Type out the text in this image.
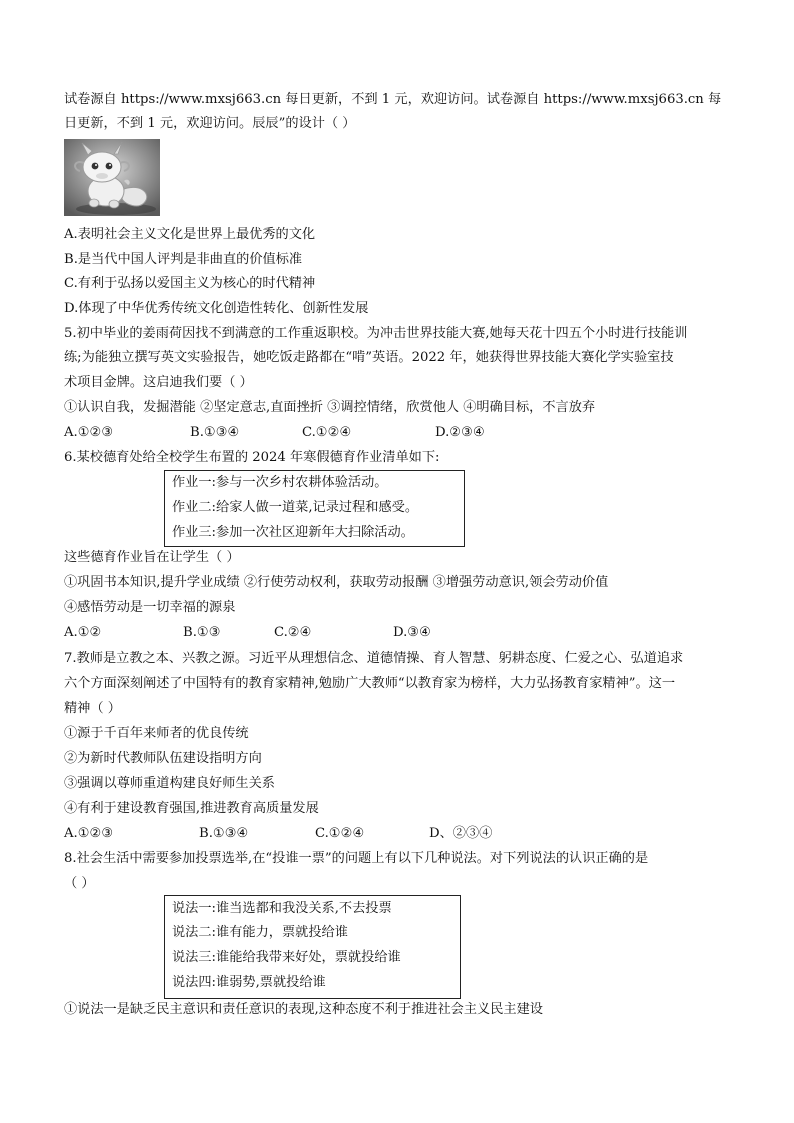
试卷源自 https://www.mxsj663.cn 每日更新，不到 1 元，欢迎访问。试卷源自 https://www.mxsj663.cn 每
日更新，不到 1 元，欢迎访问。辰辰”的设计（ ）
A.表明社会主义文化是世界上最优秀的文化
B.是当代中国人评判是非曲直的价值标准
C.有利于弘扬以爱国主义为核心的时代精神
D.体现了中华优秀传统文化创造性转化、创新性发展
5.初中毕业的姜雨荷因找不到满意的工作重返职校。为冲击世界技能大赛,她每天花十四五个小时进行技能训
练;为能独立撰写英文实验报告，她吃饭走路都在“啃”英语。2022 年，她获得世界技能大赛化学实验室技
术项目金牌。这启迪我们要（ ）
①认识自我，发掘潜能 ②坚定意志,直面挫折 ③调控情绪，欣赏他人 ④明确目标，不言放弃
A.①②③	B.①③④	C.①②④	D.②③④
6.某校德育处给全校学生布置的 2024 年寒假德育作业清单如下:
作业一:参与一次乡村农耕体验活动。
作业二:给家人做一道菜,记录过程和感受。
作业三:参加一次社区迎新年大扫除活动。
这些德育作业旨在让学生（ ）
①巩固书本知识,提升学业成绩 ②行使劳动权利，获取劳动报酬 ③增强劳动意识,领会劳动价值
④感悟劳动是一切幸福的源泉
A.①②	B.①③	C.②④	D.③④
7.教师是立教之本、兴教之源。习近平从理想信念、道德情操、育人智慧、躬耕态度、仁爱之心、弘道追求
六个方面深刻阐述了中国特有的教育家精神,勉励广大教师“以教育家为榜样，大力弘扬教育家精神”。这一
精神（ ）
①源于千百年来师者的优良传统
②为新时代教师队伍建设指明方向
③强调以尊师重道构建良好师生关系
④有利于建设教育强国,推进教育高质量发展
A.①②③	B.①③④	C.①②④	D、②③④
8.社会生活中需要参加投票选举,在“投谁一票”的问题上有以下几种说法。对下列说法的认识正确的是
（ ）
说法一:谁当选都和我没关系,不去投票
说法二:谁有能力，票就投给谁
说法三:谁能给我带来好处，票就投给谁
说法四:谁弱势,票就投给谁
①说法一是缺乏民主意识和责任意识的表现,这种态度不利于推进社会主义民主建设
